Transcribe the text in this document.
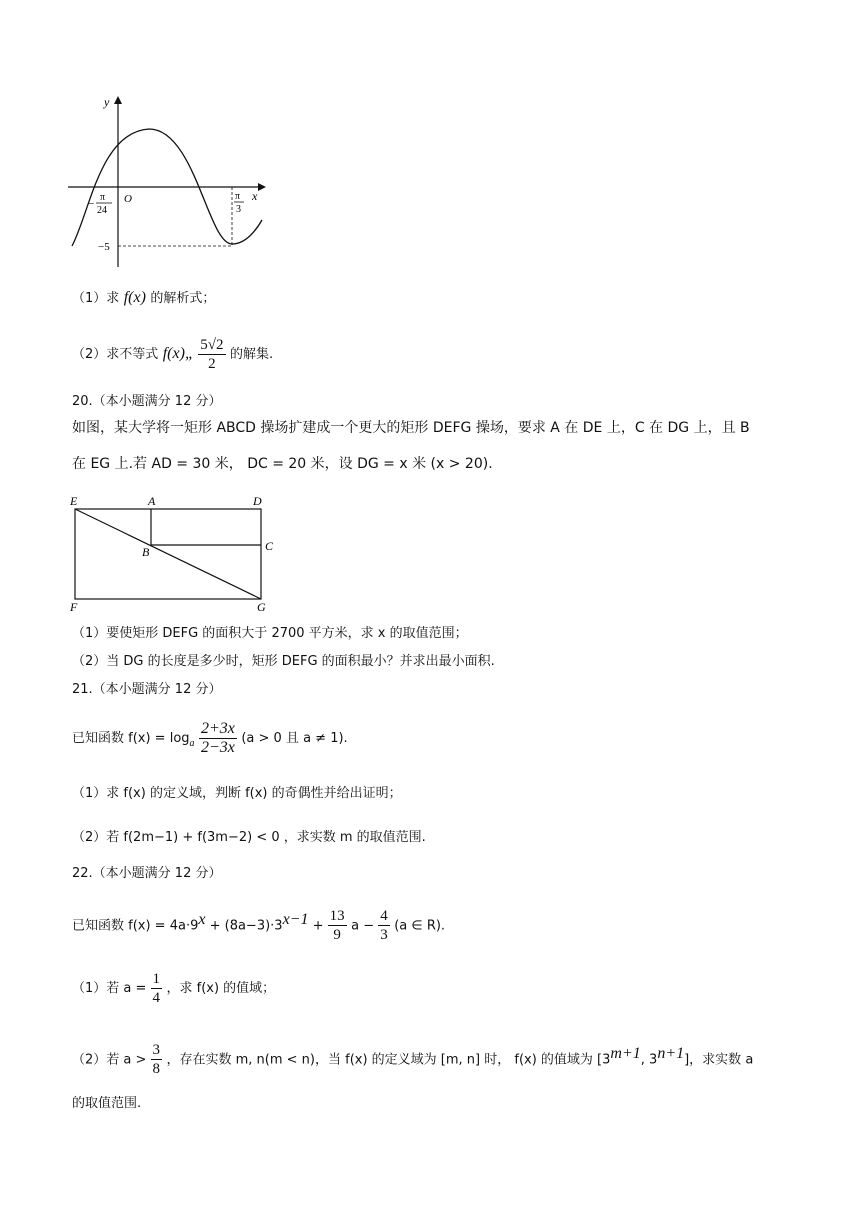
y
x
O
−
π
24
π
3
−5
（1）求 f(x) 的解析式；
（2）求不等式 f(x)„ $\frac{5√2}{2}$ 的解集.
20.（本小题满分 12 分）
如图，某大学将一矩形 ABCD 操场扩建成一个更大的矩形 DEFG 操场，要求 A 在 DE 上，C 在 DG 上，且 B
在 EG 上.若 AD = 30 米， DC = 20 米，设 DG = x 米 (x > 20).
E	A	D
B	C
F	G
（1）要使矩形 DEFG 的面积大于 2700 平方米，求 x 的取值范围；
（2）当 DG 的长度是多少时，矩形 DEFG 的面积最小？并求出最小面积.
21.（本小题满分 12 分）
已知函数 $f(x) = \log_a \frac{2+3x}{2-3x} (a > 0$ 且 a ≠ 1).
（1）求 f(x) 的定义域，判断 f(x) 的奇偶性并给出证明；
（2）若 f(2m−1) + f(3m−2) < 0 ，求实数 m 的取值范围.
22.（本小题满分 12 分）
已知函数 $f(x) = 4a\cdot 9^x + (8a-3)\cdot 3^{x-1} + \frac{13}{9}$ $a - \frac{4}{3} (a$ ∈ R).
（1）若 $a = \frac{1}{4}$ ，求 f(x) 的值域；
（2）若 $a > \frac{3}{8}$ ，存在实数 m, n(m < n)，当 f(x) 的定义域为 [m, n] 时， f(x) 的值域为 [$3^{m+1}$, $3^{n+1}$]，求实数 a
的取值范围.
